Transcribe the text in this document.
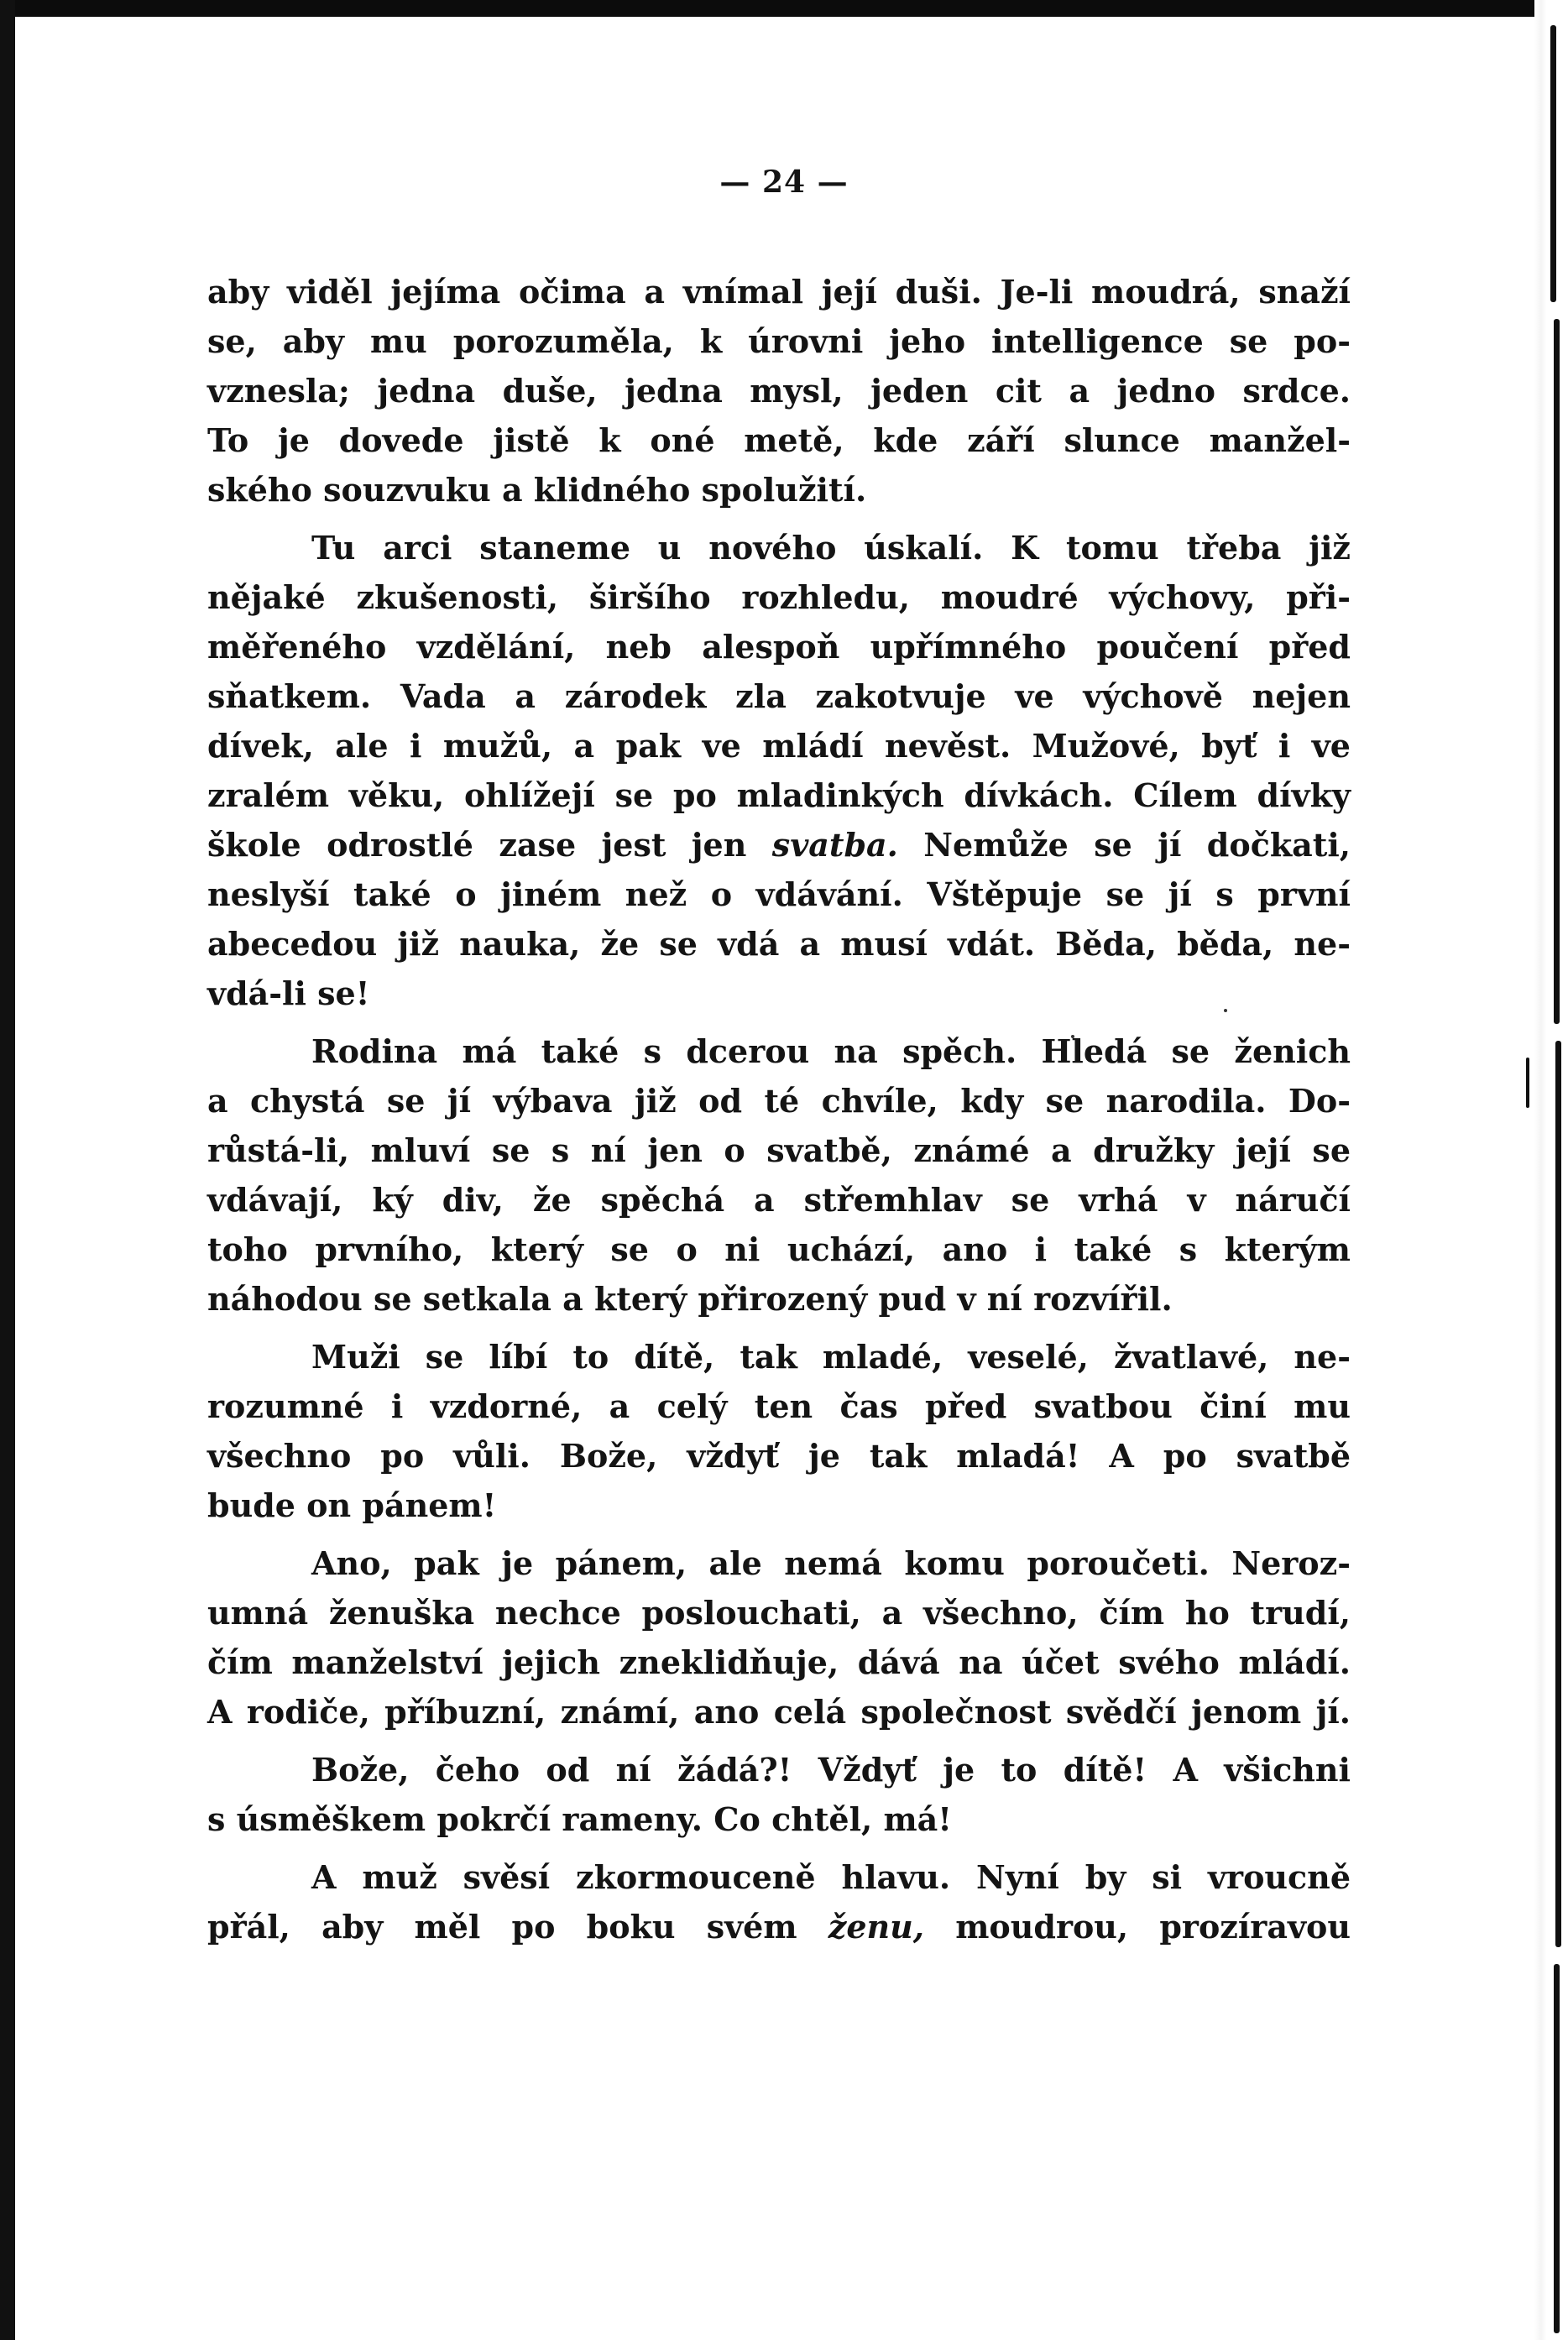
— 24 —
aby viděl jejíma očima a vnímal její duši. Je-li moudrá, snaží
se, aby mu porozuměla, k úrovni jeho intelligence se po-
vznesla; jedna duše, jedna mysl, jeden cit a jedno srdce.
To je dovede jistě k oné metě, kde září slunce manžel-
ského souzvuku a klidného spolužití.
Tu arci staneme u nového úskalí. K tomu třeba již
nějaké zkušenosti, širšího rozhledu, moudré výchovy, při-
měřeného vzdělání, neb alespoň upřímného poučení před
sňatkem. Vada a zárodek zla zakotvuje ve výchově nejen
dívek, ale i mužů, a pak ve mládí nevěst. Mužové, byť i ve
zralém věku, ohlížejí se po mladinkých dívkách. Cílem dívky
škole odrostlé zase jest jen svatba. Nemůže se jí dočkati,
neslyší také o jiném než o vdávání. Vštěpuje se jí s první
abecedou již nauka, že se vdá a musí vdát. Běda, běda, ne-
vdá-li se!
Rodina má také s dcerou na spěch. Hledá se ženich
a chystá se jí výbava již od té chvíle, kdy se narodila. Do-
růstá-li, mluví se s ní jen o svatbě, známé a družky její se
vdávají, ký div, že spěchá a střemhlav se vrhá v náručí
toho prvního, který se o ni uchází, ano i také s kterým
náhodou se setkala a který přirozený pud v ní rozvířil.
Muži se líbí to dítě, tak mladé, veselé, žvatlavé, ne-
rozumné i vzdorné, a celý ten čas před svatbou činí mu
všechno po vůli. Bože, vždyť je tak mladá! A po svatbě
bude on pánem!
Ano, pak je pánem, ale nemá komu poroučeti. Neroz-
umná ženuška nechce poslouchati, a všechno, čím ho trudí,
čím manželství jejich zneklidňuje, dává na účet svého mládí.
A rodiče, příbuzní, známí, ano celá společnost svědčí jenom jí.
Bože, čeho od ní žádá?! Vždyť je to dítě! A všichni
s úsměškem pokrčí rameny. Co chtěl, má!
A muž svěsí zkormouceně hlavu. Nyní by si vroucně
přál, aby měl po boku svém ženu, moudrou, prozíravou
